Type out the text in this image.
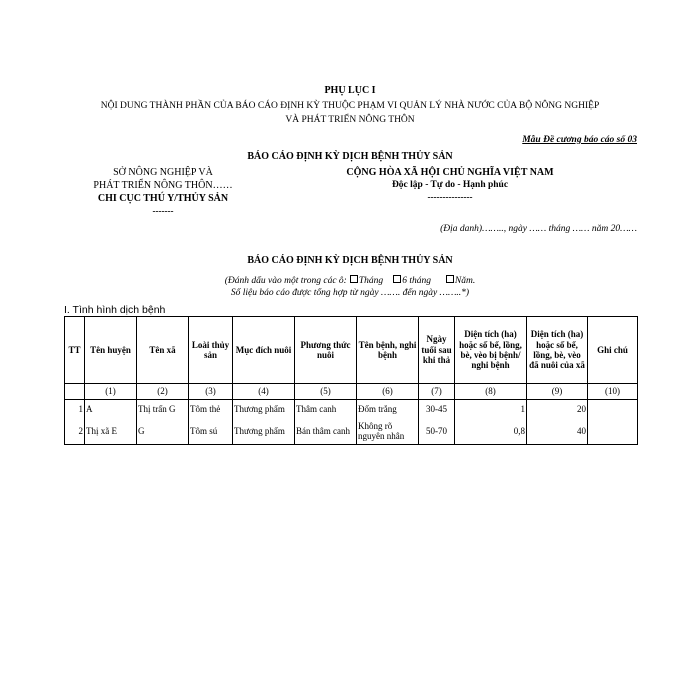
PHỤ LỤC I
NỘI DUNG THÀNH PHẦN CỦA BÁO CÁO ĐỊNH KỲ THUỘC PHẠM VI QUẢN LÝ NHÀ NƯỚC CỦA BỘ NÔNG NGHIỆP
VÀ PHÁT TRIỂN NÔNG THÔN
Mẫu Đề cương báo cáo số 03
BÁO CÁO ĐỊNH KỲ DỊCH BỆNH THỦY SẢN
SỞ NÔNG NGHIỆP VÀ
PHÁT TRIỂN NÔNG THÔN……
CHI CỤC THÚ Y/THỦY SẢN
-------
CỘNG HÒA XÃ HỘI CHỦ NGHĨA VIỆT NAM
Độc lập - Tự do - Hạnh phúc
---------------
(Địa danh)…….., ngày …… tháng …… năm 20……
BÁO CÁO ĐỊNH KỲ DỊCH BỆNH THỦY SẢN
(Đánh dấu vào một trong các ô: Tháng 6 tháng	Năm.
Số liệu báo cáo được tổng hợp từ ngày ……. đến ngày ……..*)
I. Tình hình dịch bệnh
TT	Tên huyện	Tên xã	Loài thủy sản	Mục đích nuôi	Phương thức nuôi	Tên bệnh, nghi bệnh	Ngày tuổi sau khi thả	Diện tích (ha) hoặc số bể, lồng, bè, vèo bị bệnh/ nghi bệnh	Diện tích (ha) hoặc số bể, lồng, bè, vèo đã nuôi của xã	Ghi chú
	(1)	(2)	(3)	(4)	(5)	(6)	(7)	(8)	(9)	(10)
1	A	Thị trấn G	Tôm thẻ	Thương phẩm	Thâm canh	Đốm trắng	30-45	1	20	
2	Thị xã E	G	Tôm sú	Thương phẩm	Bán thâm canh	Không rõ nguyên nhân	50-70	0,8	40	
